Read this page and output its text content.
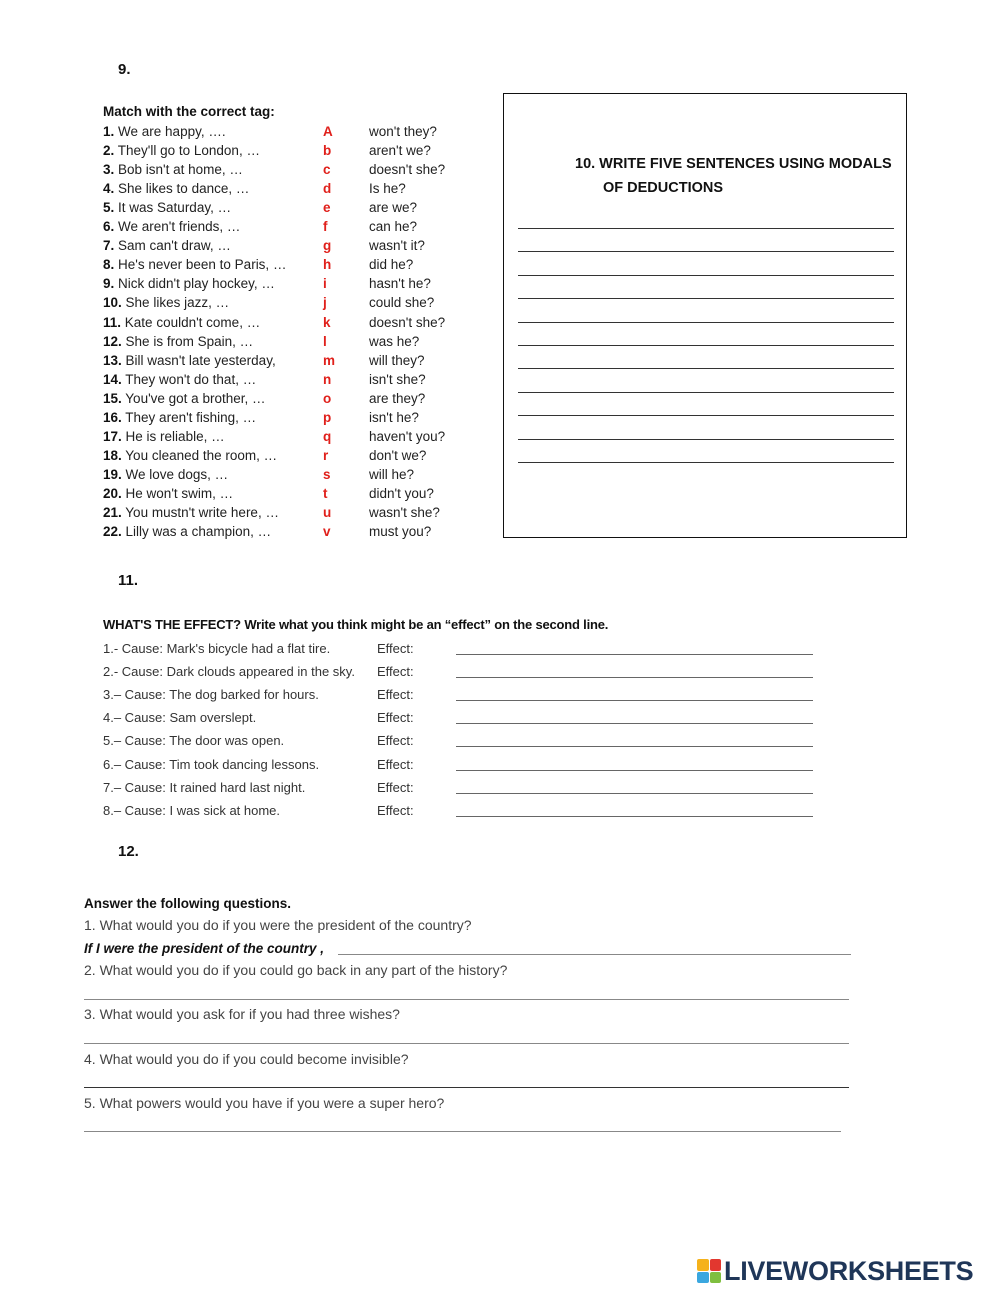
9.
Match with the correct tag:
1. We are happy, ….	A	won't they?
2. They'll go to London, …	b	aren't we?
3. Bob isn't at home, …	c	doesn't she?
4. She likes to dance, …	d	Is he?
5. It was Saturday, …	e	are we?
6. We aren't friends, …	f	can he?
7. Sam can't draw, …	g	wasn't it?
8. He's never been to Paris, …	h	did he?
9. Nick didn't play hockey, …	i	hasn't he?
10. She likes jazz, …	j	could she?
11. Kate couldn't come, …	k	doesn't she?
12. She is from Spain, …	l	was he?
13. Bill wasn't late yesterday,	m	will they?
14. They won't do that, …	n	isn't she?
15. You've got a brother, …	o	are they?
16. They aren't fishing, …	p	isn't he?
17. He is reliable, …	q	haven't you?
18. You cleaned the room, …	r	don't we?
19. We love dogs, …	s	will he?
20. He won't swim, …	t	didn't you?
21. You mustn't write here, …	u	wasn't she?
22. Lilly was a champion, …	v	must you?
10. WRITE FIVE SENTENCES USING MODALS
OF DEDUCTIONS
11.
WHAT'S THE EFFECT? Write what you think might be an “effect” on the second line.
1.- Cause: Mark's bicycle had a flat tire.	Effect:
2.- Cause: Dark clouds appeared in the sky. Effect:
3.– Cause: The dog barked for hours.	Effect:
4.– Cause: Sam overslept.	Effect:
5.– Cause: The door was open.	Effect:
6.– Cause: Tim took dancing lessons.	Effect:
7.– Cause: It rained hard last night.	Effect:
8.– Cause: I was sick at home.	Effect:
12.
Answer the following questions.
1. What would you do if you were the president of the country?
If I were the president of the country ,
2. What would you do if you could go back in any part of the history?
3. What would you ask for if you had three wishes?
4. What would you do if you could become invisible?
5. What powers would you have if you were a super hero?
LIVEWORKSHEETS
